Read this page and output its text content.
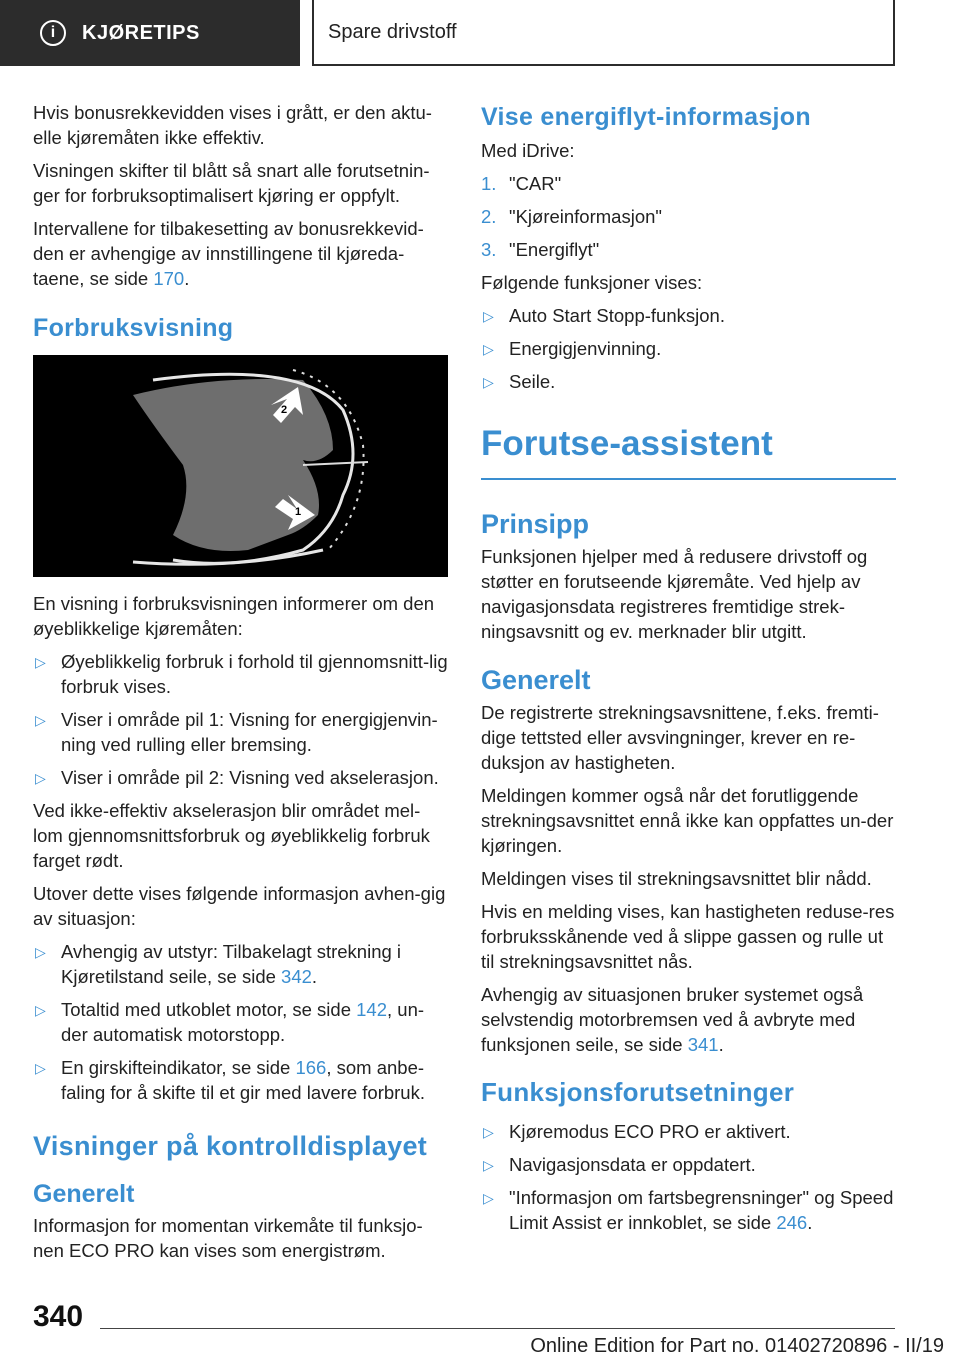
i	KJØRETIPS	Spare drivstoff

Hvis bonusrekkevidden vises i grått, er den aktu-elle kjøremåten ikke effektiv.

Visningen skifter til blått så snart alle forutsetnin-ger for forbruksoptimalisert kjøring er oppfylt.

Intervallene for tilbakesetting av bonusrekkevid-den er avhengige av innstillingene til kjøreda-taene, se side 170.

Forbruksvisning
2
1

En visning i forbruksvisningen informerer om den øyeblikkelige kjøremåten:

▷ Øyeblikkelig forbruk i forhold til gjennomsnitt-lig forbruk vises.
▷ Viser i område pil 1: Visning for energigjenvin-ning ved rulling eller bremsing.
▷ Viser i område pil 2: Visning ved akselerasjon.

Ved ikke-effektiv akselerasjon blir området mel-lom gjennomsnittsforbruk og øyeblikkelig forbruk farget rødt.

Utover dette vises følgende informasjon avhen-gig av situasjon:

▷ Avhengig av utstyr: Tilbakelagt strekning i Kjøretilstand seile, se side 342.
▷ Totaltid med utkoblet motor, se side 142, un-der automatisk motorstopp.
▷ En girskifteindikator, se side 166, som anbe-faling for å skifte til et gir med lavere forbruk.
Visninger på kontrolldisplayet
Generelt

Informasjon for momentan virkemåte til funksjo-nen ECO PRO kan vises som energistrøm.

Vise energiflyt-informasjon

Med iDrive:

1. "CAR"
2. "Kjøreinformasjon"
3. "Energiflyt"

Følgende funksjoner vises:

▷ Auto Start Stopp-funksjon.
▷ Energigjenvinning.
▷ Seile.
Forutse-assistent
Prinsipp

Funksjonen hjelper med å redusere drivstoff og støtter en forutseende kjøremåte. Ved hjelp av navigasjonsdata registreres fremtidige strek-ningsavsnitt og ev. merknader blir utgitt.

Generelt

De registrerte strekningsavsnittene, f.eks. fremti-dige tettsted eller avsvingninger, krever en re-duksjon av hastigheten.

Meldingen kommer også når det forutliggende strekningsavsnittet ennå ikke kan oppfattes un-der kjøringen.

Meldingen vises til strekningsavsnittet blir nådd.

Hvis en melding vises, kan hastigheten reduse-res forbruksskånende ved å slippe gassen og rulle ut til strekningsavsnittet nås.

Avhengig av situasjonen bruker systemet også selvstendig motorbremsen ved å avbryte med funksjonen seile, se side 341.

Funksjonsforutsetninger
▷ Kjøremodus ECO PRO er aktivert.
▷ Navigasjonsdata er oppdatert.
▷ "Informasjon om fartsbegrensninger" og Speed Limit Assist er innkoblet, se side 246.
340
Online Edition for Part no. 01402720896 - II/19
